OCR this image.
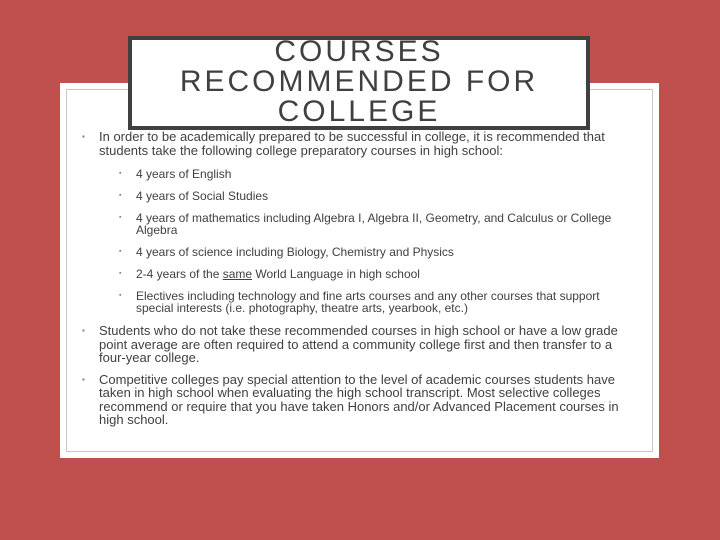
COURSES RECOMMENDED FOR COLLEGE
▪ In order to be academically prepared to be successful in college, it is recommended that students take the following college preparatory courses in high school:
▪ 4 years of English
▪ 4 years of Social Studies
▪ 4 years of mathematics including Algebra I, Algebra II, Geometry, and Calculus or College Algebra
▪ 4 years of science including Biology, Chemistry and Physics
▪ 2-4 years of the same World Language in high school
▪ Electives including technology and fine arts courses and any other courses that support special interests (i.e. photography, theatre arts, yearbook, etc.)
▪ Students who do not take these recommended courses in high school or have a low grade point average are often required to attend a community college first and then transfer to a four-year college.
▪ Competitive colleges pay special attention to the level of academic courses students have taken in high school when evaluating the high school transcript. Most selective colleges recommend or require that you have taken Honors and/or Advanced Placement courses in high school.
